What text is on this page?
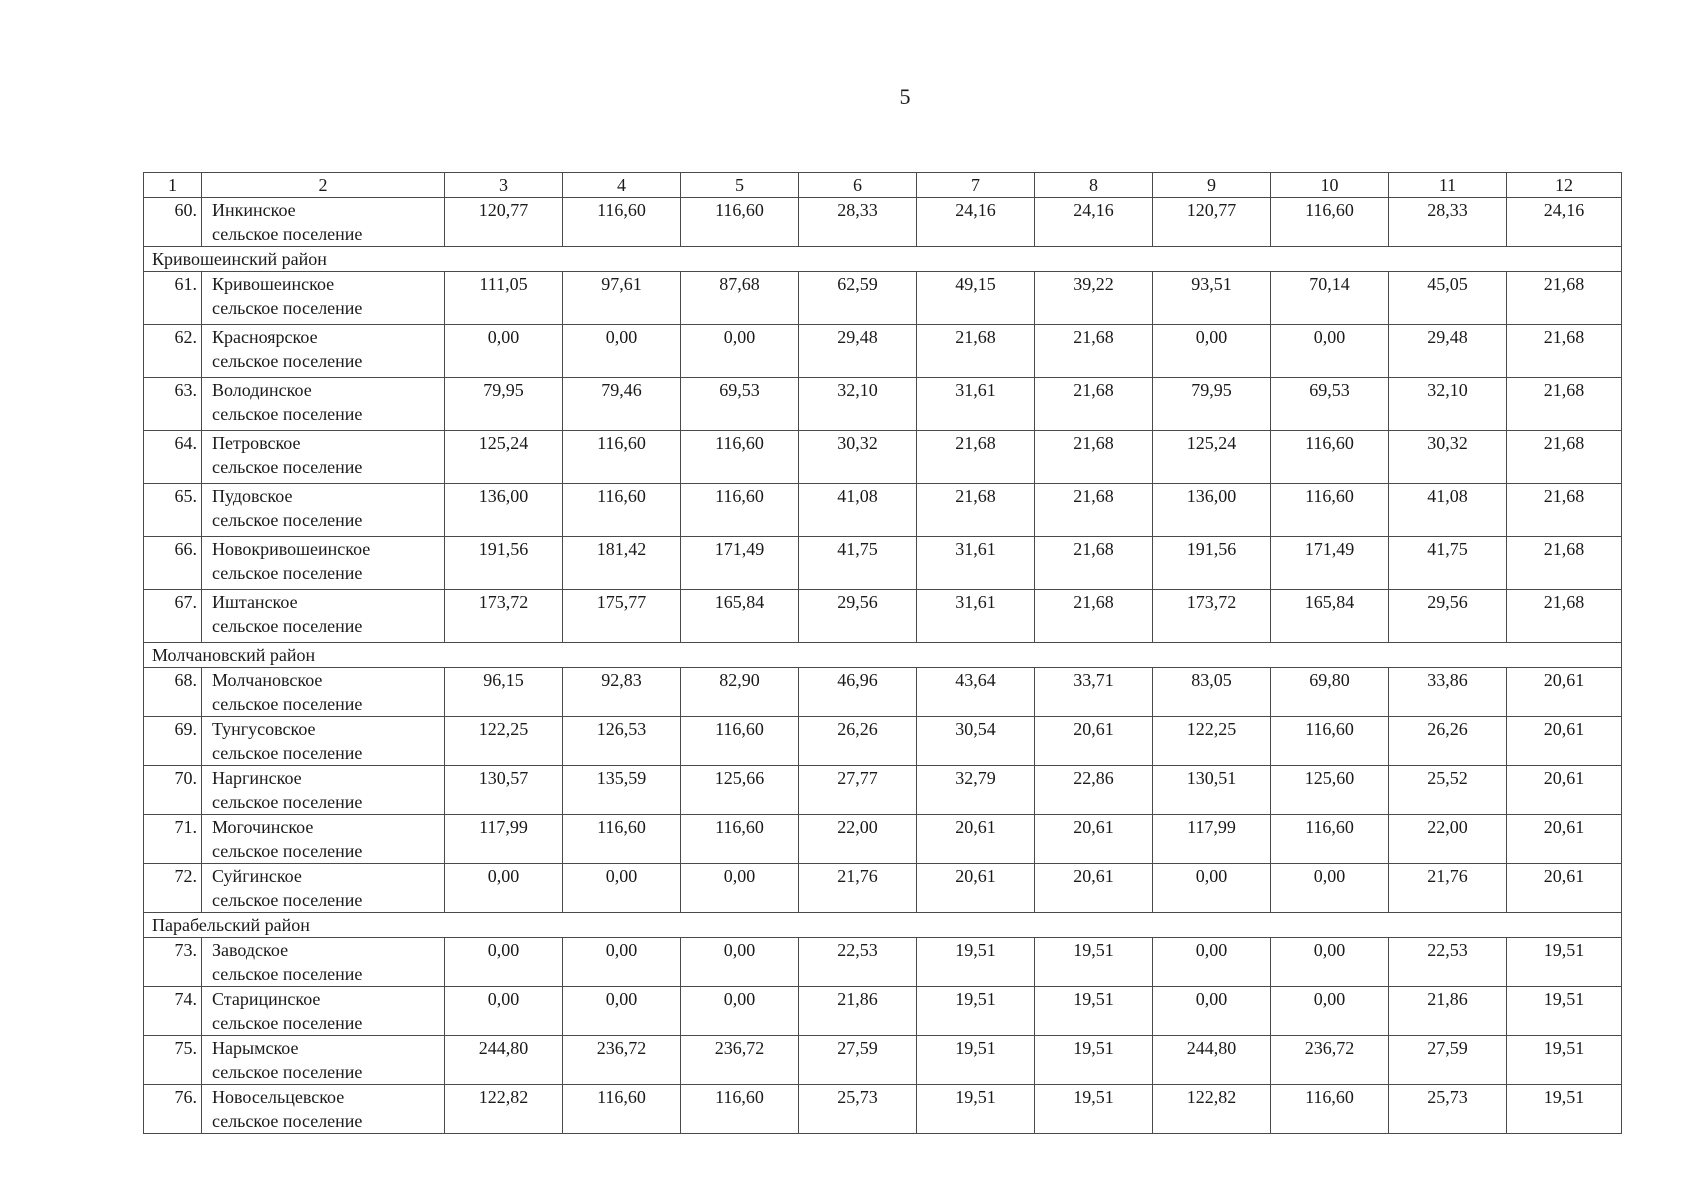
5
1	2	3	4	5	6	7	8	9	10	11	12
60.	Инкинское
сельское поселение	120,77	116,60	116,60	28,33	24,16	24,16	120,77	116,60	28,33	24,16
Кривошеинский район											
61.	Кривошеинское
сельское поселение	111,05	97,61	87,68	62,59	49,15	39,22	93,51	70,14	45,05	21,68
62.	Красноярское
сельское поселение	0,00	0,00	0,00	29,48	21,68	21,68	0,00	0,00	29,48	21,68
63.	Володинское
сельское поселение	79,95	79,46	69,53	32,10	31,61	21,68	79,95	69,53	32,10	21,68
64.	Петровское
сельское поселение	125,24	116,60	116,60	30,32	21,68	21,68	125,24	116,60	30,32	21,68
65.	Пудовское
сельское поселение	136,00	116,60	116,60	41,08	21,68	21,68	136,00	116,60	41,08	21,68
66.	Новокривошеинское
сельское поселение	191,56	181,42	171,49	41,75	31,61	21,68	191,56	171,49	41,75	21,68
67.	Иштанское
сельское поселение	173,72	175,77	165,84	29,56	31,61	21,68	173,72	165,84	29,56	21,68
Молчановский район											
68.	Молчановское
сельское поселение	96,15	92,83	82,90	46,96	43,64	33,71	83,05	69,80	33,86	20,61
69.	Тунгусовское
сельское поселение	122,25	126,53	116,60	26,26	30,54	20,61	122,25	116,60	26,26	20,61
70.	Наргинское
сельское поселение	130,57	135,59	125,66	27,77	32,79	22,86	130,51	125,60	25,52	20,61
71.	Могочинское
сельское поселение	117,99	116,60	116,60	22,00	20,61	20,61	117,99	116,60	22,00	20,61
72.	Суйгинское
сельское поселение	0,00	0,00	0,00	21,76	20,61	20,61	0,00	0,00	21,76	20,61
Парабельский район											
73.	Заводское
сельское поселение	0,00	0,00	0,00	22,53	19,51	19,51	0,00	0,00	22,53	19,51
74.	Старицинское
сельское поселение	0,00	0,00	0,00	21,86	19,51	19,51	0,00	0,00	21,86	19,51
75.	Нарымское
сельское поселение	244,80	236,72	236,72	27,59	19,51	19,51	244,80	236,72	27,59	19,51
76.	Новосельцевское
сельское поселение	122,82	116,60	116,60	25,73	19,51	19,51	122,82	116,60	25,73	19,51
